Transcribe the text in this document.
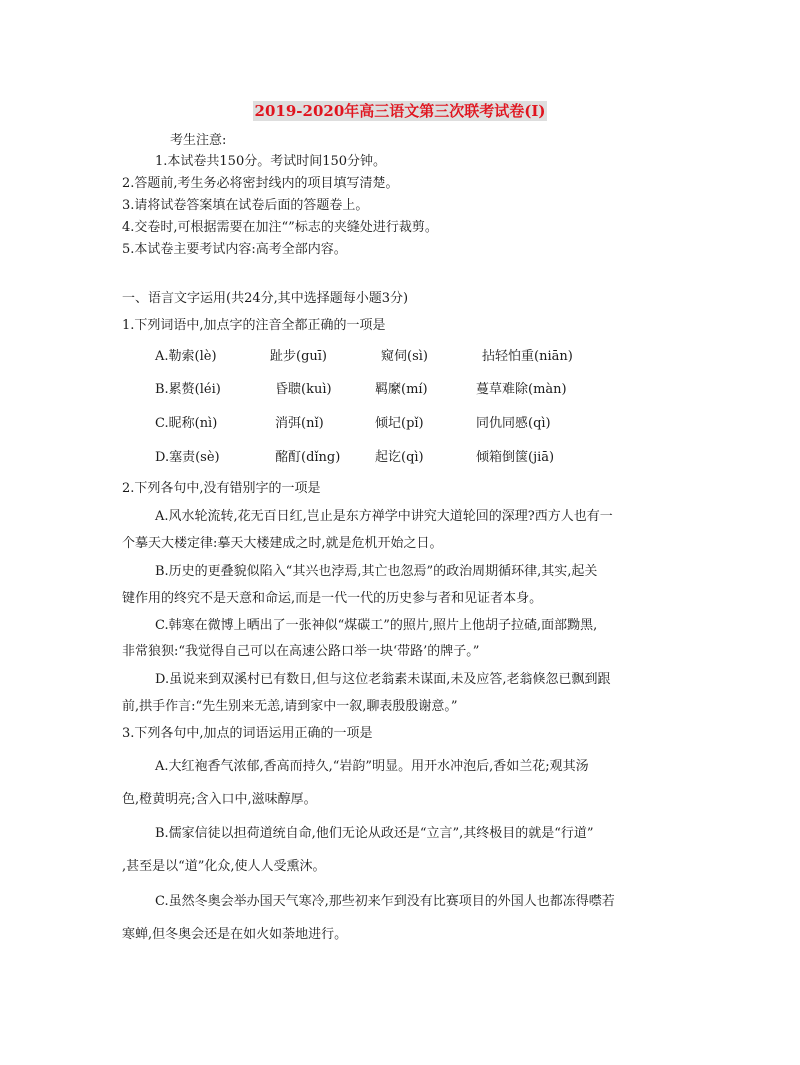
2019-2020年高三语文第三次联考试卷(I)
考生注意:
1.本试卷共150分。考试时间150分钟。
2.答题前,考生务必将密封线内的项目填写清楚。
3.请将试卷答案填在试卷后面的答题卷上。
4.交卷时,可根据需要在加注“”标志的夹缝处进行裁剪。
5.本试卷主要考试内容:高考全部内容。
一、语言文字运用(共24分,其中选择题每小题3分)
1.下列词语中,加点字的注音全都正确的一项是
A.勒索(lè)	趾步(guī)	窥伺(sì)	拈轻怕重(niān)
B.累赘(léi)	昏聩(kuì)	羁縻(mí)	蔓草难除(màn)
C.昵称(nì)	消弭(nǐ)	倾圮(pǐ)	同仇同慼(qì)
D.塞责(sè)	酩酊(dǐng)	起讫(qì)	倾箱倒箧(jiā)
2.下列各句中,没有错别字的一项是
A.风水轮流转,花无百日红,岂止是东方禅学中讲究大道轮回的深理?西方人也有一
个摹天大楼定律:摹天大楼建成之时,就是危机开始之日。
B.历史的更叠貌似陷入“其兴也浡焉,其亡也忽焉”的政治周期循环律,其实,起关
键作用的终究不是天意和命运,而是一代一代的历史参与者和见证者本身。
C.韩寒在微博上晒出了一张神似“煤碳工”的照片,照片上他胡子拉碴,面部黝黑,
非常狼狈:“我觉得自己可以在高速公路口举一块‘带路’的牌子。”
D.虽说来到双溪村已有数日,但与这位老翁素未谋面,未及应答,老翁倏忽已飘到跟
前,拱手作言:“先生别来无恙,请到家中一叙,聊表殷殷谢意。”
3.下列各句中,加点的词语运用正确的一项是
A.大红袍香气浓郁,香高而持久,“岩韵”明显。用开水冲泡后,香如兰花;观其汤
色,橙黄明亮;含入口中,滋味醇厚。
B.儒家信徒以担荷道统自命,他们无论从政还是“立言”,其终极目的就是“行道”
,甚至是以“道”化众,使人人受熏沐。
C.虽然冬奥会举办国天气寒冷,那些初来乍到没有比赛项目的外国人也都冻得噤若
寒蝉,但冬奥会还是在如火如荼地进行。
